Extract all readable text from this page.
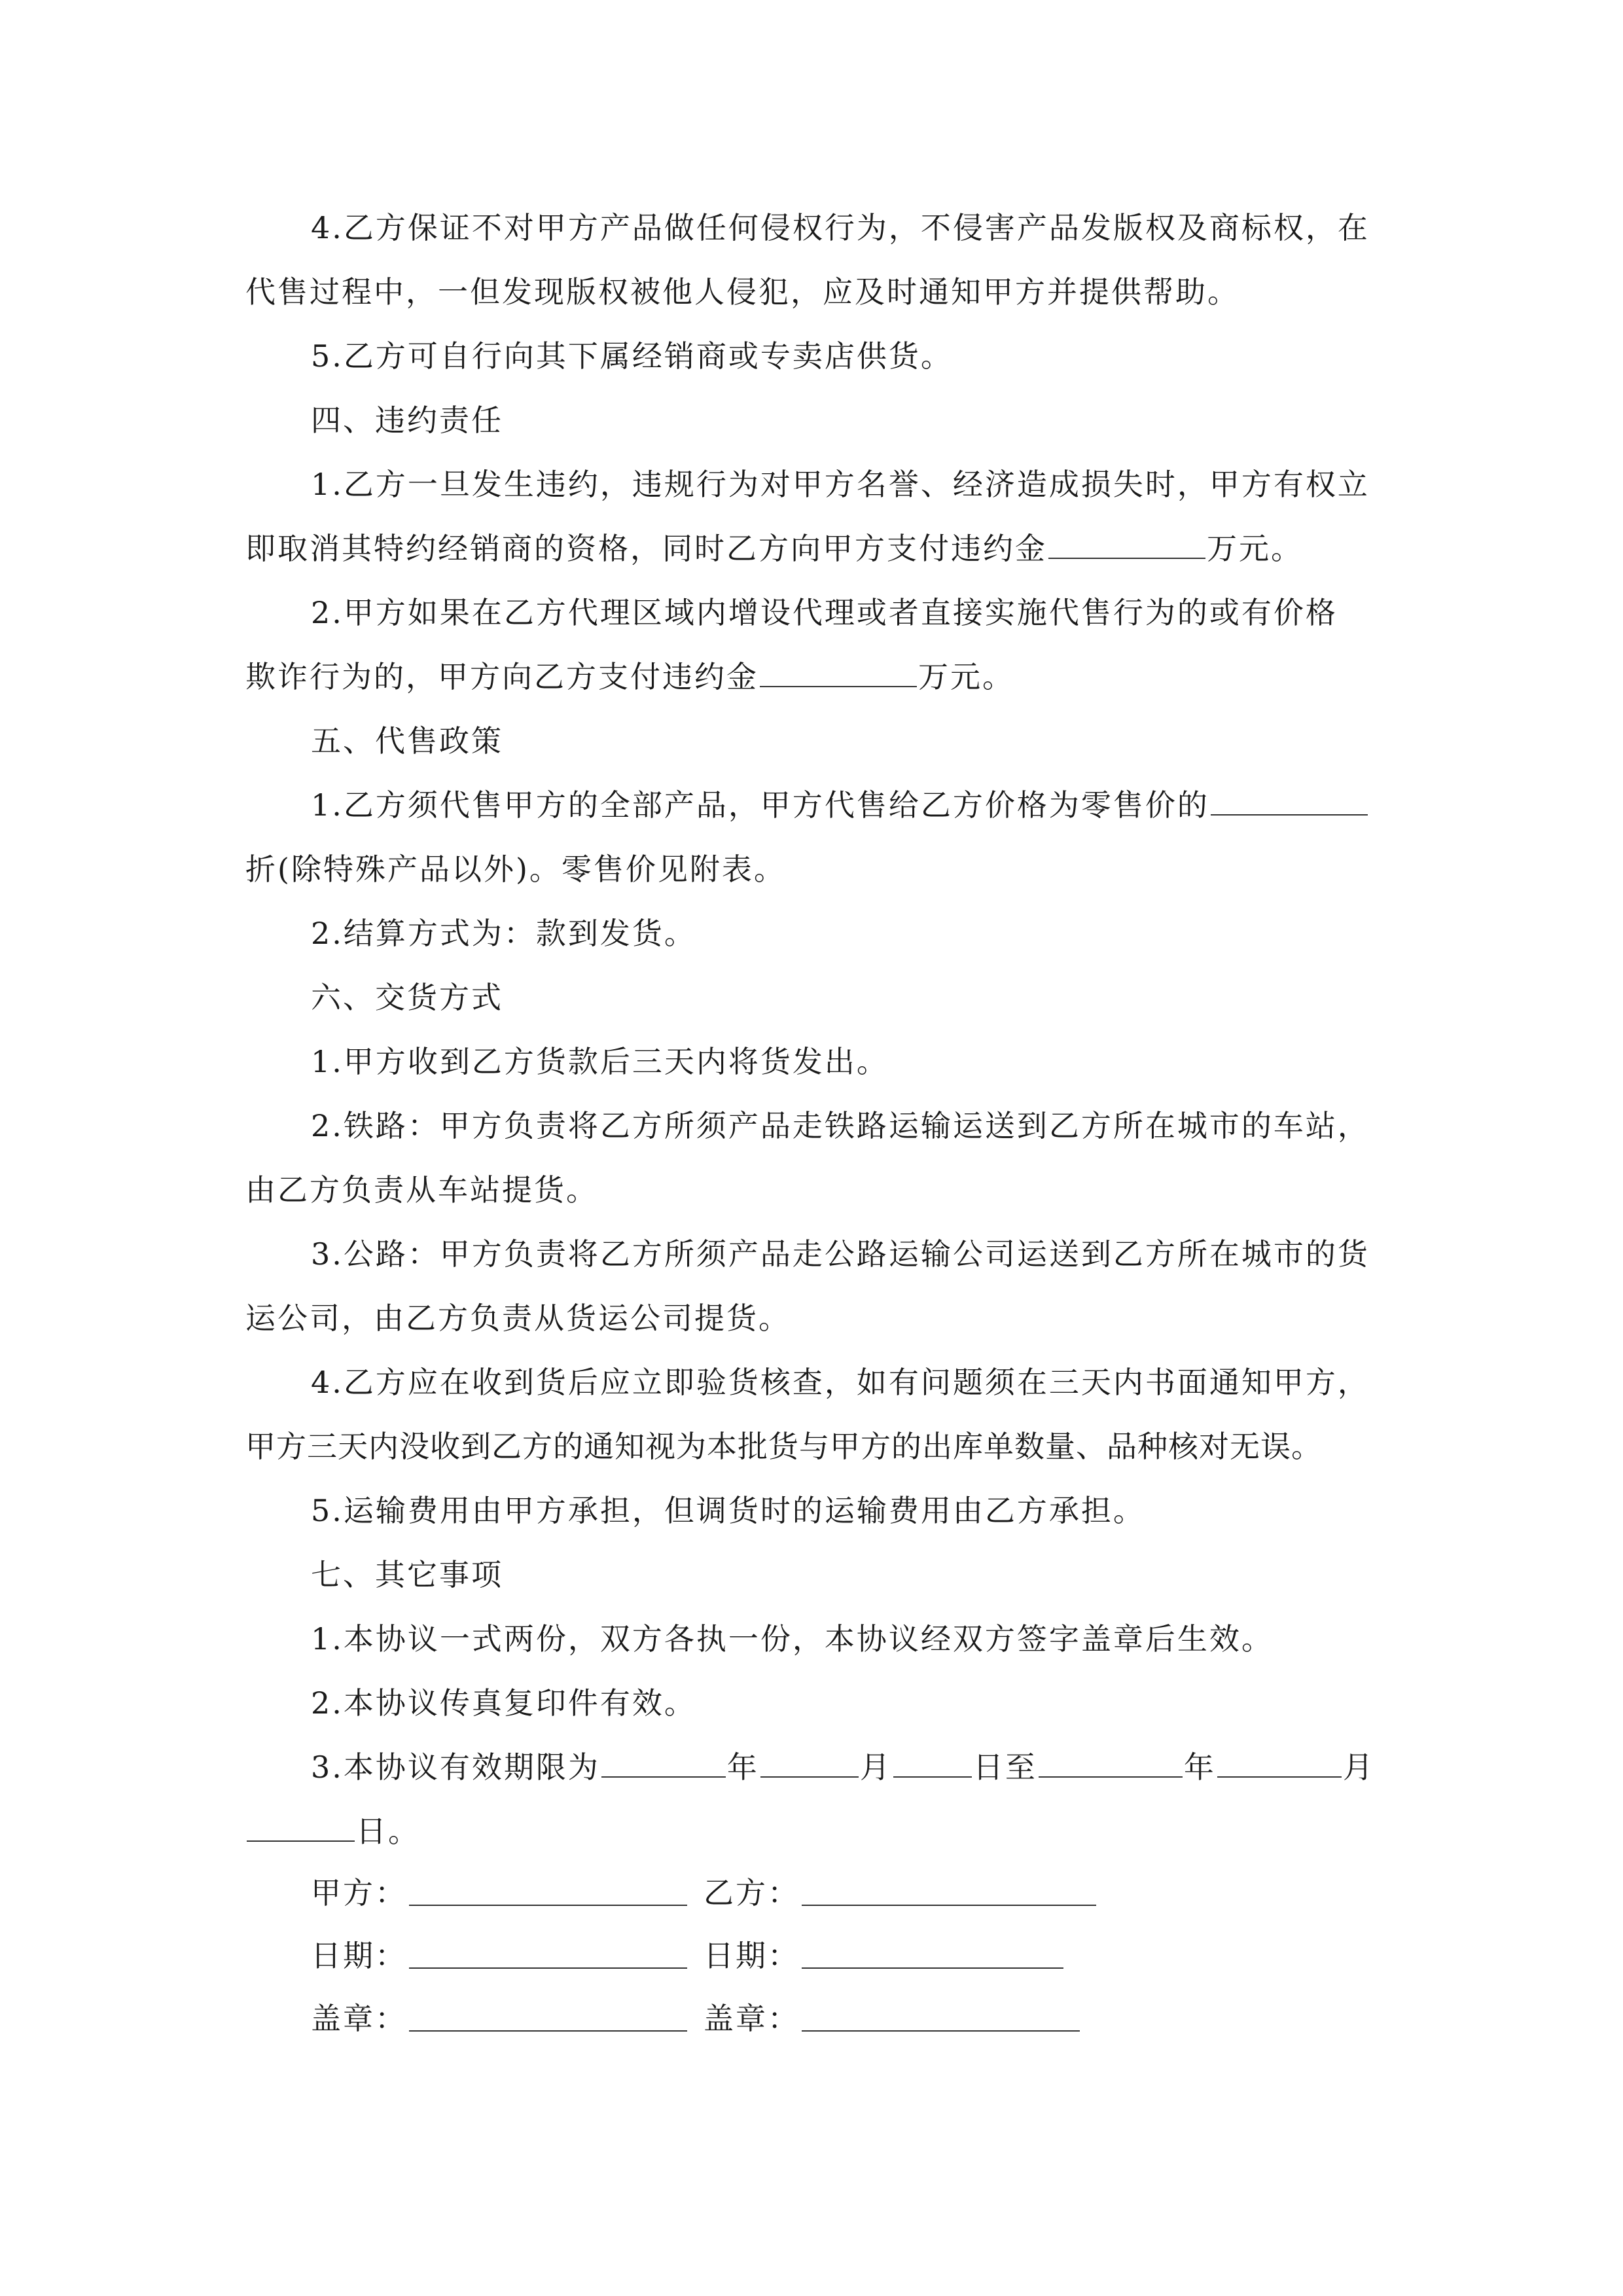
4.乙方保证不对甲方产品做任何侵权行为，不侵害产品发版权及商标权，在
代售过程中，一但发现版权被他人侵犯，应及时通知甲方并提供帮助。
5.乙方可自行向其下属经销商或专卖店供货。
四、违约责任
1.乙方一旦发生违约，违规行为对甲方名誉、经济造成损失时，甲方有权立
即取消其特约经销商的资格，同时乙方向甲方支付违约金	万元。
2.甲方如果在乙方代理区域内增设代理或者直接实施代售行为的或有价格
欺诈行为的，甲方向乙方支付违约金	万元。
五、代售政策
1.乙方须代售甲方的全部产品，甲方代售给乙方价格为零售价的
折(除特殊产品以外)。零售价见附表。
2.结算方式为：款到发货。
六、交货方式
1.甲方收到乙方货款后三天内将货发出。
2.铁路：甲方负责将乙方所须产品走铁路运输运送到乙方所在城市的车站，
由乙方负责从车站提货。
3.公路：甲方负责将乙方所须产品走公路运输公司运送到乙方所在城市的货
运公司，由乙方负责从货运公司提货。
4.乙方应在收到货后应立即验货核查，如有问题须在三天内书面通知甲方，
甲方三天内没收到乙方的通知视为本批货与甲方的出库单数量、品种核对无误。
5.运输费用由甲方承担，但调货时的运输费用由乙方承担。
七、其它事项
1.本协议一式两份，双方各执一份，本协议经双方签字盖章后生效。
2.本协议传真复印件有效。
3.本协议有效期限为	年	月	日至	年	月
日。
甲方：	乙方：
日期：	日期：
盖章：	盖章：
